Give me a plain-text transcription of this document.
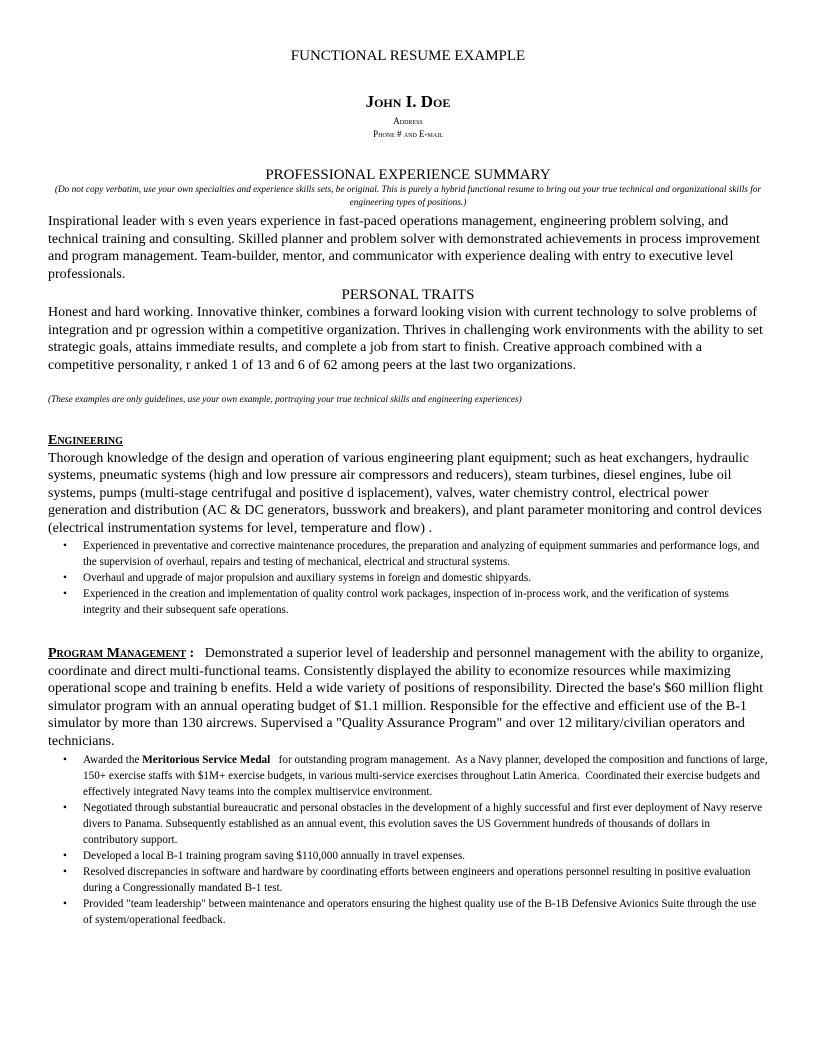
FUNCTIONAL RESUME EXAMPLE
John I. Doe
Address
Phone # and E-mail
PROFESSIONAL EXPERIENCE SUMMARY
(Do not copy verbatim, use your own specialties and experience skills sets, be original. This is purely a hybrid functional resume to bring out your true technical and organizational skills for engineering types of positions.)
Inspirational leader with s even years experience in fast-paced operations management, engineering problem solving, and technical training and consulting. Skilled planner and problem solver with demonstrated achievements in process improvement and program management. Team-builder, mentor, and communicator with experience dealing with entry to executive level professionals.
PERSONAL TRAITS
Honest and hard working. Innovative thinker, combines a forward looking vision with current technology to solve problems of integration and pr ogression within a competitive organization. Thrives in challenging work environments with the ability to set strategic goals, attains immediate results, and complete a job from start to finish. Creative approach combined with a competitive personality, r anked 1 of 13 and 6 of 62 among peers at the last two organizations.
(These examples are only guidelines, use your own example, portraying your true technical skills and engineering experiences)
Engineering
Thorough knowledge of the design and operation of various engineering plant equipment; such as heat exchangers, hydraulic systems, pneumatic systems (high and low pressure air compressors and reducers), steam turbines, diesel engines, lube oil systems, pumps (multi-stage centrifugal and positive d isplacement), valves, water chemistry control, electrical power generation and distribution (AC & DC generators, busswork and breakers), and plant parameter monitoring and control devices (electrical instrumentation systems for level, temperature and flow) .
• Experienced in preventative and corrective maintenance procedures, the preparation and analyzing of equipment summaries and performance logs, and the supervision of overhaul, repairs and testing of mechanical, electrical and structural systems.
• Overhaul and upgrade of major propulsion and auxiliary systems in foreign and domestic shipyards.
• Experienced in the creation and implementation of quality control work packages, inspection of in-process work, and the verification of systems integrity and their subsequent safe operations.
Program Management :   Demonstrated a superior level of leadership and personnel management with the ability to organize, coordinate and direct multi-functional teams. Consistently displayed the ability to economize resources while maximizing operational scope and training b enefits. Held a wide variety of positions of responsibility. Directed the base's $60 million flight simulator program with an annual operating budget of $1.1 million. Responsible for the effective and efficient use of the B-1 simulator by more than 130 aircrews. Supervised a "Quality Assurance Program" and over 12 military/civilian operators and technicians.
• Awarded the Meritorious Service Medal   for outstanding program management.  As a Navy planner, developed the composition and functions of large, 150+ exercise staffs with $1M+ exercise budgets, in various multi-service exercises throughout Latin America.  Coordinated their exercise budgets and effectively integrated Navy teams into the complex multiservice environment.
• Negotiated through substantial bureaucratic and personal obstacles in the development of a highly successful and first ever deployment of Navy reserve divers to Panama. Subsequently established as an annual event, this evolution saves the US Government hundreds of thousands of dollars in contributory support.
• Developed a local B-1 training program saving $110,000 annually in travel expenses.
• Resolved discrepancies in software and hardware by coordinating efforts between engineers and operations personnel resulting in positive evaluation during a Congressionally mandated B-1 test.
• Provided "team leadership" between maintenance and operators ensuring the highest quality use of the B-1B Defensive Avionics Suite through the use of system/operational feedback.
